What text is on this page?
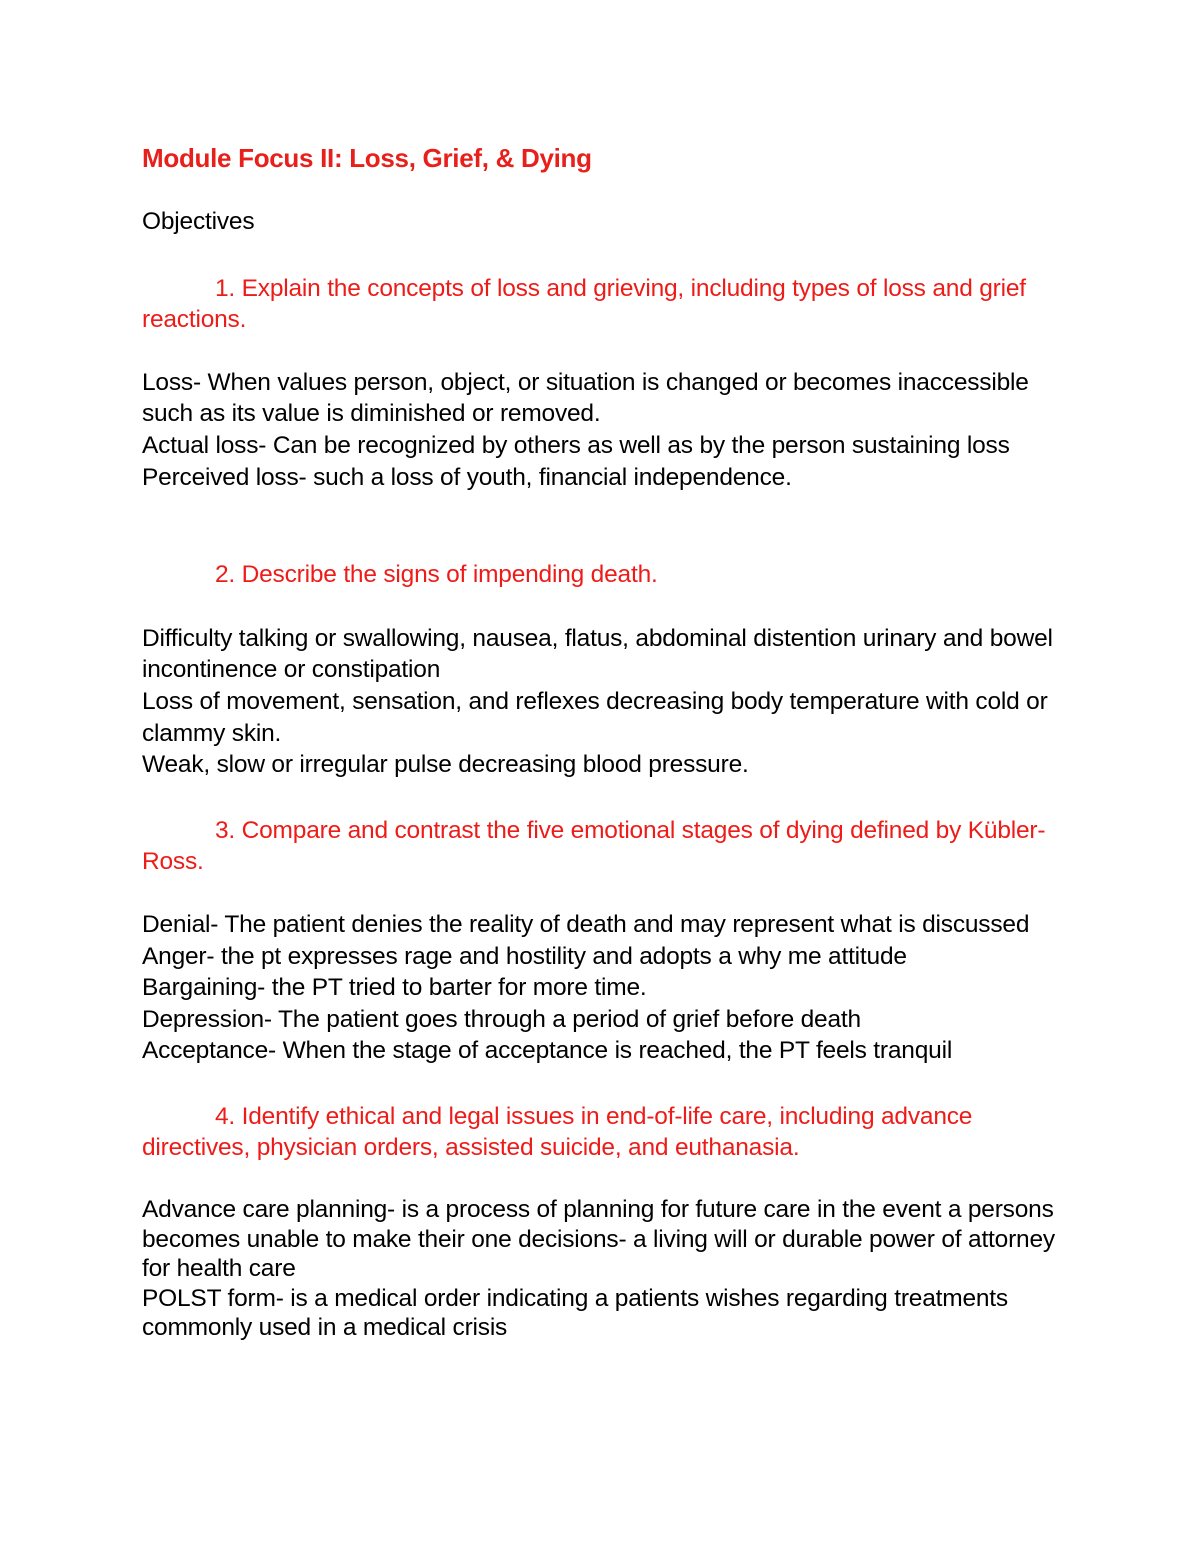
Module Focus II: Loss, Grief, & Dying

Objectives

1. Explain the concepts of loss and grieving, including types of loss and grief reactions.

Loss- When values person, object, or situation is changed or becomes inaccessible such as its value is diminished or removed.

Actual loss- Can be recognized by others as well as by the person sustaining loss

Perceived loss- such a loss of youth, financial independence.

2. Describe the signs of impending death.

Difficulty talking or swallowing, nausea, flatus, abdominal distention urinary and bowel incontinence or constipation

Loss of movement, sensation, and reflexes decreasing body temperature with cold or clammy skin.

Weak, slow or irregular pulse decreasing blood pressure.

3. Compare and contrast the five emotional stages of dying defined by Kübler-Ross.

Denial- The patient denies the reality of death and may represent what is discussed

Anger- the pt expresses rage and hostility and adopts a why me attitude

Bargaining- the PT tried to barter for more time.

Depression- The patient goes through a period of grief before death

Acceptance- When the stage of acceptance is reached, the PT feels tranquil

4. Identify ethical and legal issues in end-of-life care, including advance directives, physician orders, assisted suicide, and euthanasia.

Advance care planning- is a process of planning for future care in the event a persons becomes unable to make their one decisions- a living will or durable power of attorney for health care

POLST form- is a medical order indicating a patients wishes regarding treatments commonly used in a medical crisis
